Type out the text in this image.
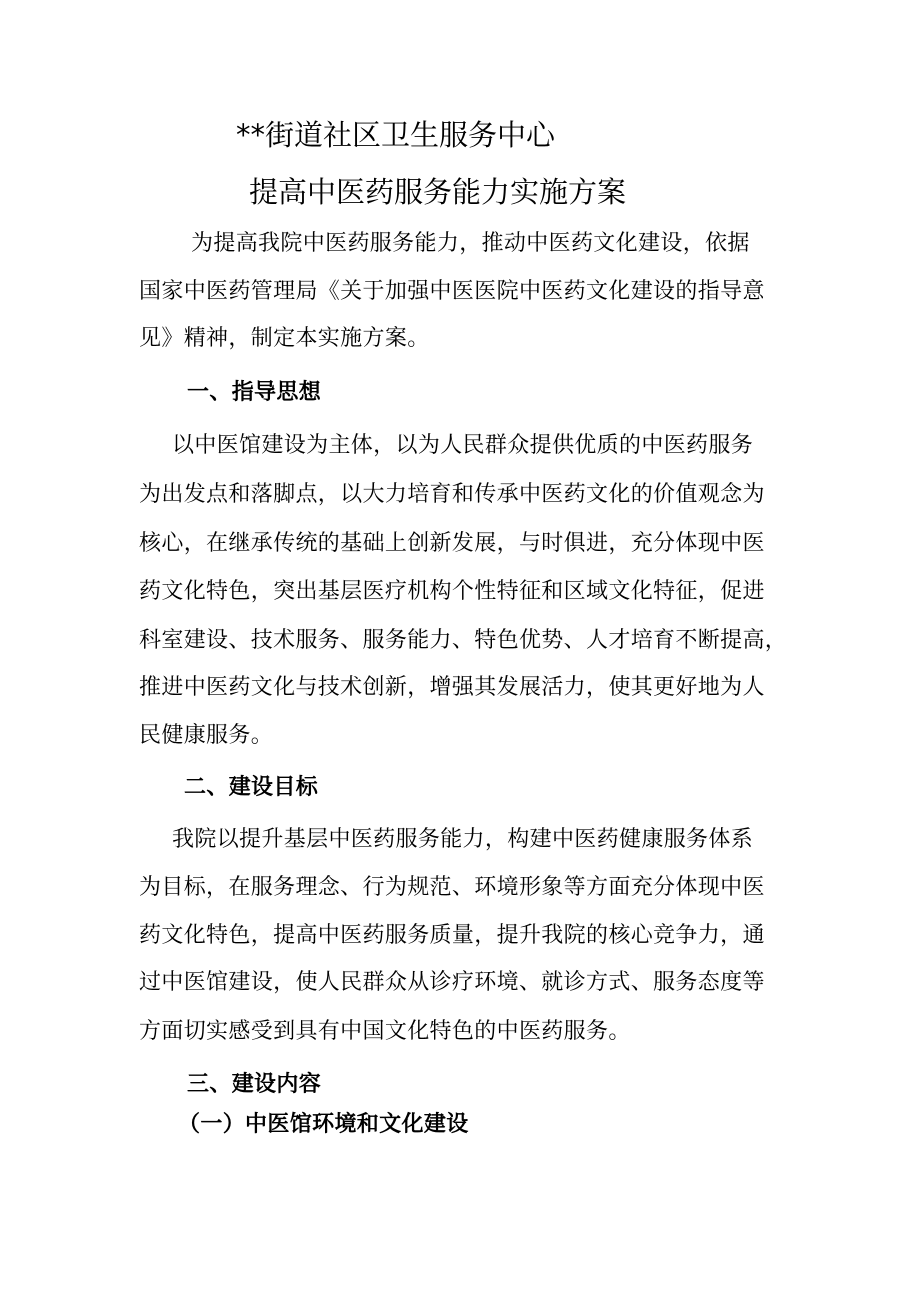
**街道社区卫生服务中心
提高中医药服务能力实施方案

为提高我院中医药服务能力，推动中医药文化建设，依据

国家中医药管理局《关于加强中医医院中医药文化建设的指导意

见》精神，制定本实施方案。

一、指导思想

以中医馆建设为主体，以为人民群众提供优质的中医药服务

为出发点和落脚点，以大力培育和传承中医药文化的价值观念为

核心，在继承传统的基础上创新发展，与时俱进，充分体现中医

药文化特色，突出基层医疗机构个性特征和区域文化特征，促进

科室建设、技术服务、服务能力、特色优势、人才培育不断提高，

推进中医药文化与技术创新，增强其发展活力，使其更好地为人

民健康服务。

二、建设目标

我院以提升基层中医药服务能力，构建中医药健康服务体系

为目标，在服务理念、行为规范、环境形象等方面充分体现中医

药文化特色，提高中医药服务质量，提升我院的核心竞争力，通

过中医馆建设，使人民群众从诊疗环境、就诊方式、服务态度等

方面切实感受到具有中国文化特色的中医药服务。

三、建设内容
（一）中医馆环境和文化建设
